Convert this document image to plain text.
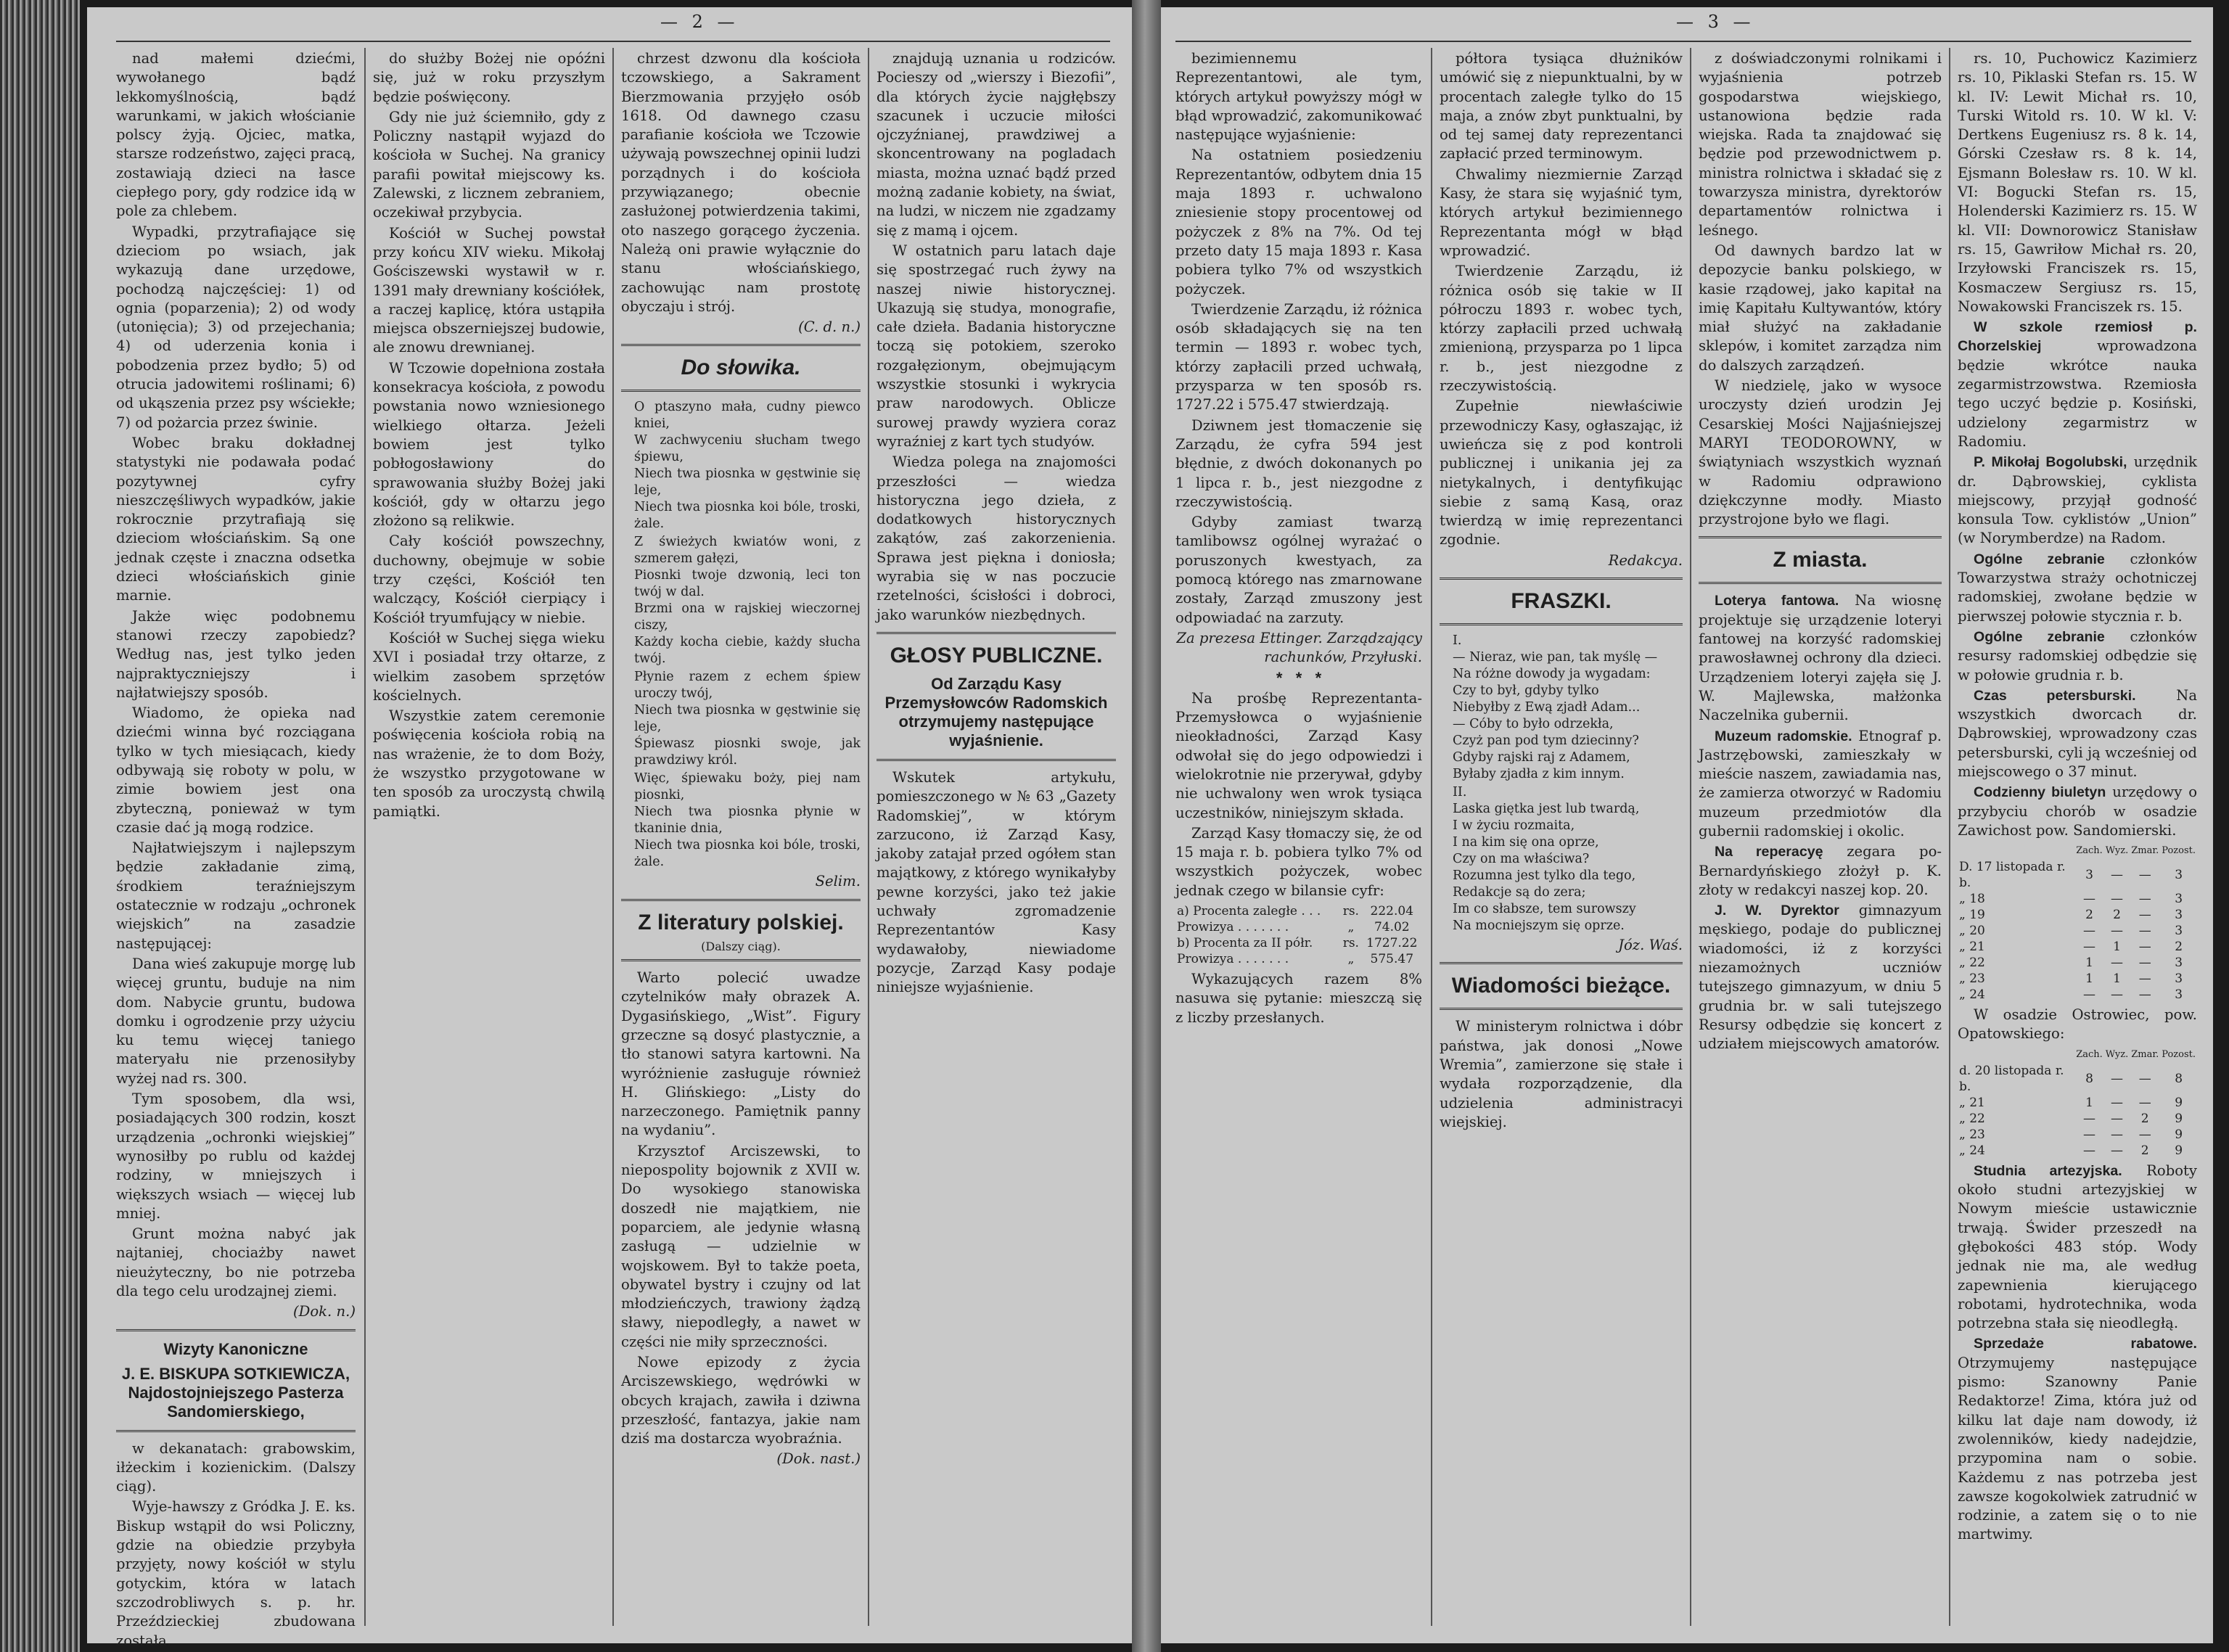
— 2 —

nad małemi dziećmi, wywołanego bądź lekkomyślnością, bądź warunkami, w jakich włościanie polscy żyją. Ojciec, matka, starsze rodzeństwo, zajęci pracą, zostawiają dzieci na łasce ciepłego pory, gdy rodzice idą w pole za chlebem.

Wypadki, przytrafiające się dzieciom po wsiach, jak wykazują dane urzędowe, pochodzą najczęściej: 1) od ognia (poparzenia); 2) od wody (utonięcia); 3) od przejechania; 4) od uderzenia konia i pobodzenia przez bydło; 5) od otrucia jadowitemi roślinami; 6) od ukąszenia przez psy wściekłe; 7) od pożarcia przez świnie.

Wobec braku dokładnej statystyki nie podawała podać pozytywnej cyfry nieszczęśliwych wypadków, jakie rokrocznie przytrafiają się dzieciom włościańskim. Są one jednak częste i znaczna odsetka dzieci włościańskich ginie marnie.

Jakże więc podobnemu stanowi rzeczy zapobiedz? Według nas, jest tylko jeden najpraktyczniejszy i najłatwiejszy sposób.

Wiadomo, że opieka nad dziećmi winna być rozciągana tylko w tych miesiącach, kiedy odbywają się roboty w polu, w zimie bowiem jest ona zbyteczną, ponieważ w tym czasie dać ją mogą rodzice.

Najłatwiejszym i najlepszym będzie zakładanie zimą, środkiem teraźniejszym ostatecznie w rodzaju „ochronek wiejskich” na zasadzie następującej:

Dana wieś zakupuje morgę lub więcej gruntu, buduje na nim dom. Nabycie gruntu, budowa domku i ogrodzenie przy użyciu ku temu więcej taniego materyału nie przenosiłyby wyżej nad rs. 300.

Tym sposobem, dla wsi, posiadających 300 rodzin, koszt urządzenia „ochronki wiejskiej” wynosiłby po rublu od każdej rodziny, w mniejszych i większych wsiach — więcej lub mniej.

Grunt można nabyć jak najtaniej, chociażby nawet nieużyteczny, bo nie potrzeba dla tego celu urodzajnej ziemi.

(Dok. n.)

Wizyty Kanoniczne
J. E. BISKUPA SOTKIEWICZA, Najdostojniejszego Pasterza Sandomierskiego,

w dekanatach: grabowskim, iłżeckim i kozienickim. (Dalszy ciąg).

Wyje-hawszy z Gródka J. E. ks. Biskup wstąpił do wsi Policzny, gdzie na obiedzie przybyła przyjęty, nowy kościół w stylu gotyckim, która w latach szczodrobliwych s. p. hr. Przeździeckiej zbudowana została.

do służby Bożej nie opóźni się, już w roku przyszłym będzie poświęcony.

Gdy nie już ściemniło, gdy z Policzny nastąpił wyjazd do kościoła w Suchej. Na granicy parafii powitał miejscowy ks. Zalewski, z licznem zebraniem, oczekiwał przybycia.

Kościół w Suchej powstał przy końcu XIV wieku. Mikołaj Gościszewski wystawił w r. 1391 mały drewniany kościółek, a raczej kaplicę, która ustąpiła miejsca obszerniejszej budowie, ale znowu drewnianej.

W Tczowie dopełniona została konsekracya kościoła, z powodu powstania nowo wzniesionego wielkiego ołtarza. Jeżeli bowiem jest tylko pobłogosławiony do sprawowania służby Bożej jaki kościół, gdy w ołtarzu jego złożono są relikwie.

Cały kościół powszechny, duchowny, obejmuje w sobie trzy części, Kościół ten walczący, Kościół cierpiący i Kościół tryumfujący w niebie.

Kościół w Suchej sięga wieku XVI i posiadał trzy ołtarze, z wielkim zasobem sprzętów kościelnych.

Wszystkie zatem ceremonie poświęcenia kościoła robią na nas wrażenie, że to dom Boży, że wszystko przygotowane w ten sposób za uroczystą chwilą pamiątki.

chrzest dzwonu dla kościoła tczowskiego, a Sakrament Bierzmowania przyjęło osób 1618. Od dawnego czasu parafianie kościoła we Tczowie używają powszechnej opinii ludzi porządnych i do kościoła przywiązanego; obecnie zasłużonej potwierdzenia takimi, oto naszego gorącego życzenia. Należą oni prawie wyłącznie do stanu włościańskiego, zachowując nam prostotę obyczaju i strój.

(C. d. n.)

Do słowika.

O ptaszyno mała, cudny piewco kniei,
W zachwyceniu słucham twego śpiewu,
Niech twa piosnka w gęstwinie się leje,
Niech twa piosnka koi bóle, troski, żale.

Z świeżych kwiatów woni, z szmerem gałęzi,
Piosnki twoje dzwonią, leci ton twój w dal.
Brzmi ona w rajskiej wieczornej ciszy,
Każdy kocha ciebie, każdy słucha twój.

Płynie razem z echem śpiew uroczy twój,
Niech twa piosnka w gęstwinie się leje,
Śpiewasz piosnki swoje, jak prawdziwy król.

Więc, śpiewaku boży, piej nam piosnki,
Niech twa piosnka płynie w tkaninie dnia,
Niech twa piosnka koi bóle, troski, żale.

Selim.

Z literatury polskiej.
(Dalszy ciąg).

Warto polecić uwadze czytelników mały obrazek A. Dygasińskiego, „Wist”. Figury grzeczne są dosyć plastycznie, a tło stanowi satyra kartowni. Na wyróżnienie zasługuje również H. Glińskiego: „Listy do narzeczonego. Pamiętnik panny na wydaniu”.

Krzysztof Arciszewski, to niepospolity bojownik z XVII w. Do wysokiego stanowiska doszedł nie majątkiem, nie poparciem, ale jedynie własną zasługą — udzielnie w wojskowem. Był to także poeta, obywatel bystry i czujny od lat młodzieńczych, trawiony żądzą sławy, niepodległy, a nawet w części nie miły sprzeczności.

Nowe epizody z życia Arciszewskiego, wędrówki w obcych krajach, zawiła i dziwna przeszłość, fantazya, jakie nam dziś ma dostarcza wyobraźnia.

(Dok. nast.)

znajdują uznania u rodziców. Pocieszy od „wierszy i Biezofii”, dla których życie najgłębszy szacunek i uczucie miłości ojczyźnianej, prawdziwej a skoncentrowany na pogladach miasta, można uznać bądź przed możną zadanie kobiety, na świat, na ludzi, w niczem nie zgadzamy się z mamą i ojcem.

W ostatnich paru latach daje się spostrzegać ruch żywy na naszej niwie historycznej. Ukazują się studya, monografie, całe dzieła. Badania historyczne toczą się potokiem, szeroko rozgałęzionym, obejmującym wszystkie stosunki i wykrycia praw narodowych. Oblicze surowej prawdy wyziera coraz wyraźniej z kart tych studyów.

Wiedza polega na znajomości przeszłości — wiedza historyczna jego dzieła, z dodatkowych historycznych zakątów, zaś zakorzenienia. Sprawa jest piękna i doniosła; wyrabia się w nas poczucie rzetelności, ścisłości i dobroci, jako warunków niezbędnych.

GŁOSY PUBLICZNE.
Od Zarządu Kasy Przemysłowców Radomskich otrzymujemy następujące wyjaśnienie.

Wskutek artykułu, pomieszczonego w № 63 „Gazety Radomskiej”, w którym zarzucono, iż Zarząd Kasy, jakoby zatajał przed ogółem stan majątkowy, z którego wynikałyby pewne korzyści, jako też jakie uchwały zgromadzenie Reprezentantów Kasy wydawałoby, niewiadome pozycje, Zarząd Kasy podaje niniejsze wyjaśnienie.

— 3 —

bezimiennemu Reprezentantowi, ale tym, których artykuł powyższy mógł w błąd wprowadzić, zakomunikować następujące wyjaśnienie:

Na ostatniem posiedzeniu Reprezentantów, odbytem dnia 15 maja 1893 r. uchwalono zniesienie stopy procentowej od pożyczek z 8% na 7%. Od tej przeto daty 15 maja 1893 r. Kasa pobiera tylko 7% od wszystkich pożyczek.

Twierdzenie Zarządu, iż różnica osób składających się na ten termin — 1893 r. wobec tych, którzy zapłacili przed uchwałą, przysparza w ten sposób rs. 1727.22 i 575.47 stwierdzają.

Dziwnem jest tłomaczenie się Zarządu, że cyfra 594 jest błędnie, z dwóch dokonanych po 1 lipca r. b., jest niezgodne z rzeczywistością.

Gdyby zamiast twarzą tamlibowsz ogólnej wyrażać o poruszonych kwestyach, za pomocą którego nas zmarnowane zostały, Zarząd zmuszony jest odpowiadać na zarzuty.

Za prezesa Ettinger. Zarządzający rachunków, Przyłuski.

*   *   *

Na prośbę Reprezentanta-Przemysłowca o wyjaśnienie nieokładności, Zarząd Kasy odwołał się do jego odpowiedzi i wielokrotnie nie przerywał, gdyby nie uchwalony wen wrok tysiąca uczestników, niniejszym składa.

Zarząd Kasy tłomaczy się, że od 15 maja r. b. pobiera tylko 7% od wszystkich pożyczek, wobec jednak czego w bilansie cyfr:

a) Procenta zaległe . . .	rs.	222.04
Prowizya . . . . . . .	„	74.02
b) Procenta za II półr.	rs.	1727.22
Prowizya . . . . . . .	„	575.47

Wykazujących razem 8% nasuwa się pytanie: mieszczą się z liczby przesłanych.

półtora tysiąca dłużników umówić się z niepunktualni, by w procentach zaległe tylko do 15 maja, a znów zbyt punktualni, by od tej samej daty reprezentanci zapłacić przed terminowym.

Chwalimy niezmiernie Zarząd Kasy, że stara się wyjaśnić tym, których artykuł bezimiennego Reprezentanta mógł w błąd wprowadzić.

Twierdzenie Zarządu, iż różnica osób się takie w II półroczu 1893 r. wobec tych, którzy zapłacili przed uchwałą zmienioną, przysparza po 1 lipca r. b., jest niezgodne z rzeczywistością.

Zupełnie niewłaściwie przewodniczy Kasy, ogłaszając, iż uwieńcza się z pod kontroli publicznej i unikania jej za nietykalnych, i dentyfikując siebie z samą Kasą, oraz twierdzą w imię reprezentanci zgodnie.

Redakcya.

FRASZKI.

I.
— Nieraz, wie pan, tak myślę —
Na różne dowody ja wygadam:
Czy to był, gdyby tylko
Niebyłby z Ewą zjadł Adam...
— Cóby to było odrzekła,
Czyż pan pod tym dziecinny?
Gdyby rajski raj z Adamem,
Byłaby zjadła z kim innym.

II.
Laska giętka jest lub twardą,
I w życiu rozmaita,
I na kim się ona oprze,
Czy on ma właściwa?
Rozumna jest tylko dla tego,
Redakcje są do zera;
Im co słabsze, tem surowszy
Na mocniejszym się oprze.

Józ. Waś.

Wiadomości bieżące.

W ministerym rolnictwa i dóbr państwa, jak donosi „Nowe Wremia”, zamierzone się stałe i wydała rozporządzenie, dla udzielenia administracyi wiejskiej.

z doświadczonymi rolnikami i wyjaśnienia potrzeb gospodarstwa wiejskiego, ustanowiona będzie rada wiejska. Rada ta znajdować się będzie pod przewodnictwem p. ministra rolnictwa i składać się z towarzysza ministra, dyrektorów departamentów rolnictwa i leśnego.

Od dawnych bardzo lat w depozycie banku polskiego, w kasie rządowej, jako kapitał na imię Kapitału Kultywantów, który miał służyć na zakładanie sklepów, i komitet zarządza nim do dalszych zarządzeń.

W niedzielę, jako w wysoce uroczysty dzień urodzin Jej Cesarskiej Mości Najjaśniejszej MARYI TEODOROWNY, w świątyniach wszystkich wyznań w Radomiu odprawiono dziękczynne modły. Miasto przystrojone było we flagi.

Z miasta.

Loterya fantowa. Na wiosnę projektuje się urządzenie loteryi fantowej na korzyść radomskiej prawosławnej ochrony dla dzieci. Urządzeniem loteryi zajęła się J. W. Majlewska, małżonka Naczelnika gubernii.

Muzeum radomskie. Etnograf p. Jastrzębowski, zamieszkały w mieście naszem, zawiadamia nas, że zamierza otworzyć w Radomiu muzeum przedmiotów dla gubernii radomskiej i okolic.

Na reperacyę zegara po-Bernardyńskiego złożył p. K. złoty w redakcyi naszej kop. 20.

J. W. Dyrektor gimnazyum męskiego, podaje do publicznej wiadomości, iż z korzyści niezamożnych uczniów tutejszego gimnazyum, w dniu 5 grudnia br. w sali tutejszego Resursy odbędzie się koncert z udziałem miejscowych amatorów.

rs. 10, Puchowicz Kazimierz rs. 10, Piklaski Stefan rs. 15. W kl. IV: Lewit Michał rs. 10, Turski Witold rs. 10. W kl. V: Dertkens Eugeniusz rs. 8 k. 14, Górski Czesław rs. 8 k. 14, Ejsmann Bolesław rs. 10. W kl. VI: Bogucki Stefan rs. 15, Holenderski Kazimierz rs. 15. W kl. VII: Downorowicz Stanisław rs. 15, Gawriłow Michał rs. 20, Irzyłowski Franciszek rs. 15, Kosmaczew Sergiusz rs. 15, Nowakowski Franciszek rs. 15.

W szkole rzemiosł p. Chorzelskiej	wprowadzona będzie wkrótce nauka zegarmistrzowstwa. Rzemiosła tego uczyć będzie p. Kosiński, udzielony zegarmistrz w Radomiu.

P. Mikołaj Bogolubski, urzędnik dr. Dąbrowskiej, cyklista miejscowy, przyjął godność konsula Tow. cyklistów „Union” (w Norymberdze) na Radom.

Ogólne zebranie członków Towarzystwa straży ochotniczej radomskiej, zwołane będzie w pierwszej połowie stycznia r. b.

Ogólne zebranie członków resursy radomskiej odbędzie się w połowie grudnia r. b.

Czas petersburski.	Na wszystkich dworcach dr. Dąbrowskiej, wprowadzony czas petersburski, cyli ją wcześniej od miejscowego o 37 minut.

Codzienny biuletyn urzędowy o przybyciu chorób w osadzie Zawichost pow. Sandomierski.

	Zach.	Wyz.	Zmar.	Pozost.
D. 17 listopada r. b.	3	—	—	3
„ 18	—	—	—	3
„ 19	2	2	—	3
„ 20	—	—	—	3
„ 21	—	1	—	2
„ 22	1	—	—	3
„ 23	1	1	—	3
„ 24	—	—	—	3

W osadzie Ostrowiec, pow. Opatowskiego:

	Zach.	Wyz.	Zmar.	Pozost.
d. 20 listopada r. b.	8	—	—	8
„ 21	1	—	—	9
„ 22	—	—	2	9
„ 23	—	—	—	9
„ 24	—	—	2	9

Studnia artezyjska. Roboty około studni artezyjskiej w Nowym mieście ustawicznie trwają. Świder przeszedł na głębokości 483 stóp. Wody jednak nie ma, ale według zapewnienia kierującego robotami, hydrotechnika, woda potrzebna stała się nieodległą.

Sprzedaże rabatowe. Otrzymujemy następujące pismo: Szanowny Panie Redaktorze! Zima, która już od kilku lat daje nam dowody, iż zwolenników, kiedy nadejdzie, przypomina nam o sobie. Każdemu z nas potrzeba jest zawsze kogokolwiek zatrudnić w rodzinie, a zatem się o to nie martwimy.
